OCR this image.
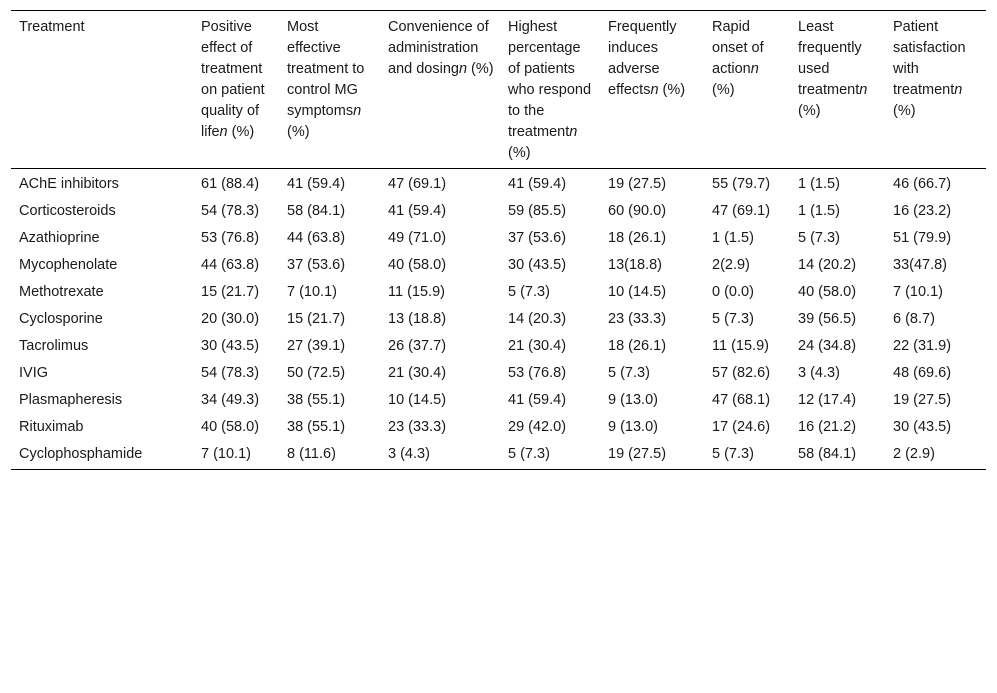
Treatment	Positive effect of treatment on patient quality of lifen (%)	Most effective treatment to control MG symptomsn (%)	Convenience of administration and dosingn (%)	Highest percentage of patients who respond to the treatmentn (%)	Frequently induces adverse effectsn (%)	Rapid onset of actionn (%)	Least frequently used treatmentn (%)	Patient satisfaction with treatmentn (%)
AChE inhibitors	61 (88.4)	41 (59.4)	47 (69.1)	41 (59.4)	19 (27.5)	55 (79.7)	1 (1.5)	46 (66.7)
Corticosteroids	54 (78.3)	58 (84.1)	41 (59.4)	59 (85.5)	60 (90.0)	47 (69.1)	1 (1.5)	16 (23.2)
Azathioprine	53 (76.8)	44 (63.8)	49 (71.0)	37 (53.6)	18 (26.1)	1 (1.5)	5 (7.3)	51 (79.9)
Mycophenolate	44 (63.8)	37 (53.6)	40 (58.0)	30 (43.5)	13(18.8)	2(2.9)	14 (20.2)	33(47.8)
Methotrexate	15 (21.7)	7 (10.1)	11 (15.9)	5 (7.3)	10 (14.5)	0 (0.0)	40 (58.0)	7 (10.1)
Cyclosporine	20 (30.0)	15 (21.7)	13 (18.8)	14 (20.3)	23 (33.3)	5 (7.3)	39 (56.5)	6 (8.7)
Tacrolimus	30 (43.5)	27 (39.1)	26 (37.7)	21 (30.4)	18 (26.1)	11 (15.9)	24 (34.8)	22 (31.9)
IVIG	54 (78.3)	50 (72.5)	21 (30.4)	53 (76.8)	5 (7.3)	57 (82.6)	3 (4.3)	48 (69.6)
Plasmapheresis	34 (49.3)	38 (55.1)	10 (14.5)	41 (59.4)	9 (13.0)	47 (68.1)	12 (17.4)	19 (27.5)
Rituximab	40 (58.0)	38 (55.1)	23 (33.3)	29 (42.0)	9 (13.0)	17 (24.6)	16 (21.2)	30 (43.5)
Cyclophosphamide	7 (10.1)	8 (11.6)	3 (4.3)	5 (7.3)	19 (27.5)	5 (7.3)	58 (84.1)	2 (2.9)
